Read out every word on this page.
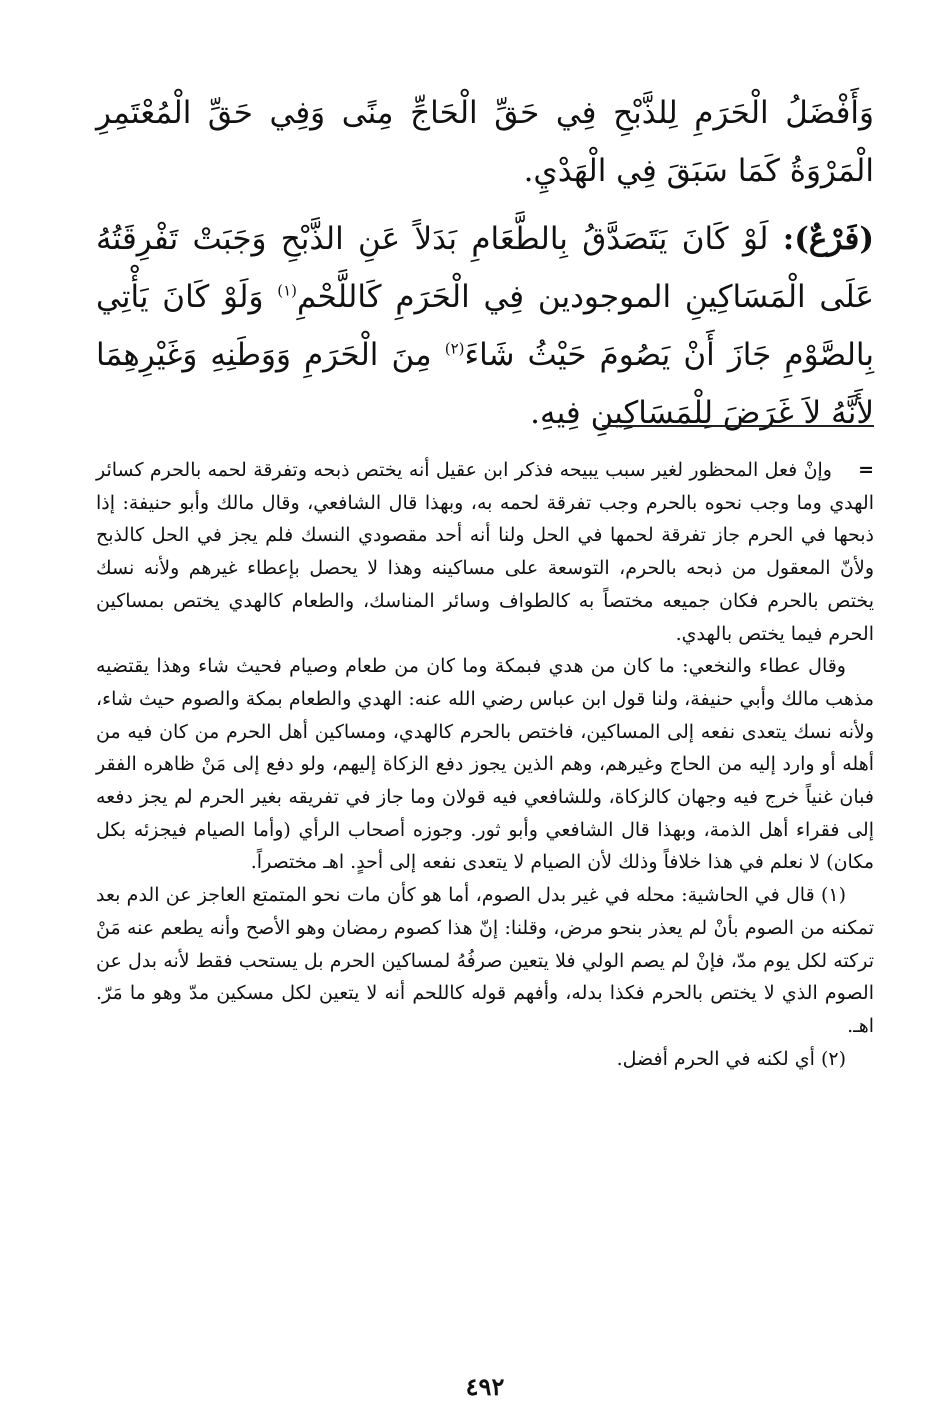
وَأَفْضَلُ الْحَرَمِ لِلذَّبْحِ فِي حَقِّ الْحَاجِّ مِنًى وَفِي حَقِّ الْمُعْتَمِرِ الْمَرْوَةُ كَمَا سَبَقَ فِي الْهَدْيِ.

(فَرْعٌ): لَوْ كَانَ يَتَصَدَّقُ بِالطَّعَامِ بَدَلاً عَنِ الذَّبْحِ وَجَبَتْ تَفْرِقَتُهُ عَلَى الْمَسَاكِينِ الموجودين فِي الْحَرَمِ كَاللَّحْمِ$^{(١)}$ وَلَوْ كَانَ يَأْتِي بِالصَّوْمِ جَازَ أَنْ يَصُومَ حَيْثُ شَاءَ$^{(٢)}$ مِنَ الْحَرَمِ وَوَطَنِهِ وَغَيْرِهِمَا لأَنَّهُ لاَ غَرَضَ لِلْمَسَاكِينِ فِيهِ.

=وإنْ فعل المحظور لغير سبب يبيحه فذكر ابن عقيل أنه يختص ذبحه وتفرقة لحمه بالحرم كسائر الهدي وما وجب نحوه بالحرم وجب تفرقة لحمه به، وبهذا قال الشافعي، وقال مالك وأبو حنيفة: إذا ذبحها في الحرم جاز تفرقة لحمها في الحل ولنا أنه أحد مقصودي النسك فلم يجز في الحل كالذبح ولأنّ المعقول من ذبحه بالحرم، التوسعة على مساكينه وهذا لا يحصل بإعطاء غيرهم ولأنه نسك يختص بالحرم فكان جميعه مختصاً به كالطواف وسائر المناسك، والطعام كالهدي يختص بمساكين الحرم فيما يختص بالهدي.

وقال عطاء والنخعي: ما كان من هدي فبمكة وما كان من طعام وصيام فحيث شاء وهذا يقتضيه مذهب مالك وأبي حنيفة، ولنا قول ابن عباس رضي الله عنه: الهدي والطعام بمكة والصوم حيث شاء، ولأنه نسك يتعدى نفعه إلى المساكين، فاختص بالحرم كالهدي، ومساكين أهل الحرم من كان فيه من أهله أو وارد إليه من الحاج وغيرهم، وهم الذين يجوز دفع الزكاة إليهم، ولو دفع إلى مَنْ ظاهره الفقر فبان غنياً خرج فيه وجهان كالزكاة، وللشافعي فيه قولان وما جاز في تفريقه بغير الحرم لم يجز دفعه إلى فقراء أهل الذمة، وبهذا قال الشافعي وأبو ثور. وجوزه أصحاب الرأي (وأما الصيام فيجزئه بكل مكان) لا نعلم في هذا خلافاً وذلك لأن الصيام لا يتعدى نفعه إلى أحدٍ. اهـ مختصراً.

(١) قال في الحاشية: محله في غير بدل الصوم، أما هو كأن مات نحو المتمتع العاجز عن الدم بعد تمكنه من الصوم بأنْ لم يعذر بنحو مرض، وقلنا: إنّ هذا كصوم رمضان وهو الأصح وأنه يطعم عنه مَنْ تركته لكل يوم مدّ، فإنْ لم يصم الولي فلا يتعين صرفُهُ لمساكين الحرم بل يستحب فقط لأنه بدل عن الصوم الذي لا يختص بالحرم فكذا بدله، وأفهم قوله كاللحم أنه لا يتعين لكل مسكين مدّ وهو ما مَرّ. اهـ.

(٢) أي لكنه في الحرم أفضل.

٤٩٢
